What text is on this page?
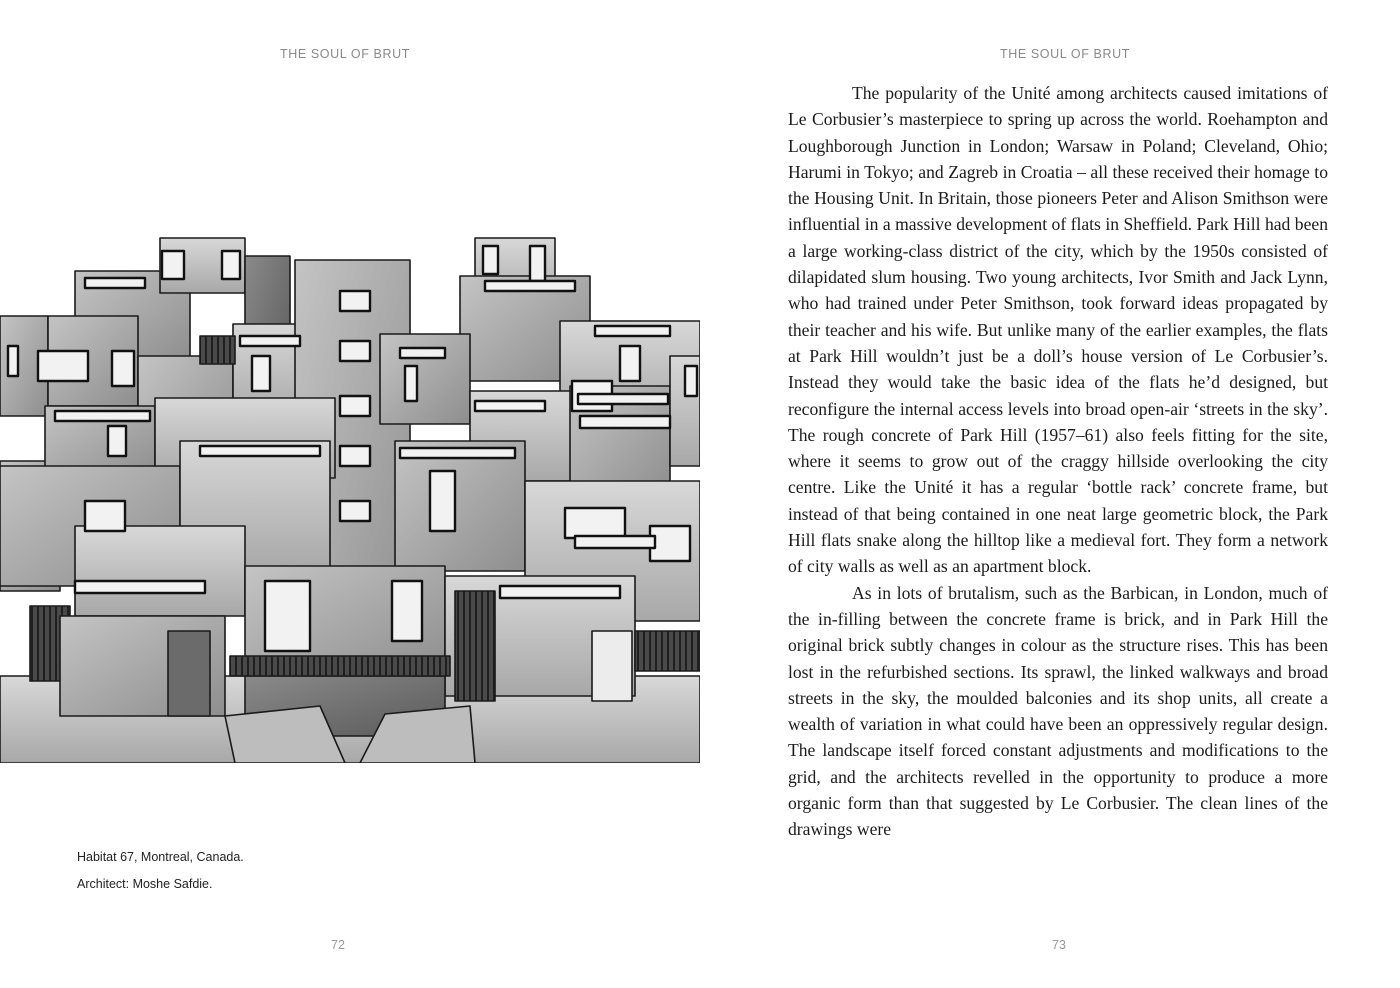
THE SOUL OF BRUT
Habitat 67, Montreal, Canada.
Architect: Moshe Safdie.
72
THE SOUL OF BRUT

The popularity of the Unité among architects caused imitations of Le Corbusier’s masterpiece to spring up across the world. Roehampton and Loughborough Junction in London; Warsaw in Poland; Cleveland, Ohio; Harumi in Tokyo; and Zagreb in Croatia – all these received their homage to the Housing Unit. In Britain, those pioneers Peter and Alison Smithson were influential in a massive development of flats in Sheffield. Park Hill had been a large working-class district of the city, which by the 1950s consisted of dilapidated slum housing. Two young architects, Ivor Smith and Jack Lynn, who had trained under Peter Smithson, took forward ideas propagated by their teacher and his wife. But unlike many of the earlier examples, the flats at Park Hill wouldn’t just be a doll’s house version of Le Corbusier’s. Instead they would take the basic idea of the flats he’d designed, but reconfigure the internal access levels into broad open-air ‘streets in the sky’. The rough concrete of Park Hill (1957–61) also feels fitting for the site, where it seems to grow out of the craggy hillside overlooking the city centre. Like the Unité it has a regular ‘bottle rack’ concrete frame, but instead of that being contained in one neat large geometric block, the Park Hill flats snake along the hilltop like a medieval fort. They form a network of city walls as well as an apartment block.

As in lots of brutalism, such as the Barbican, in London, much of the in-filling between the concrete frame is brick, and in Park Hill the original brick subtly changes in colour as the structure rises. This has been lost in the refurbished sections. Its sprawl, the linked walkways and broad streets in the sky, the moulded balconies and its shop units, all create a wealth of variation in what could have been an oppressively regular design. The landscape itself forced constant adjustments and modifications to the grid, and the architects revelled in the opportunity to produce a more organic form than that suggested by Le Corbusier. The clean lines of the drawings were

73
